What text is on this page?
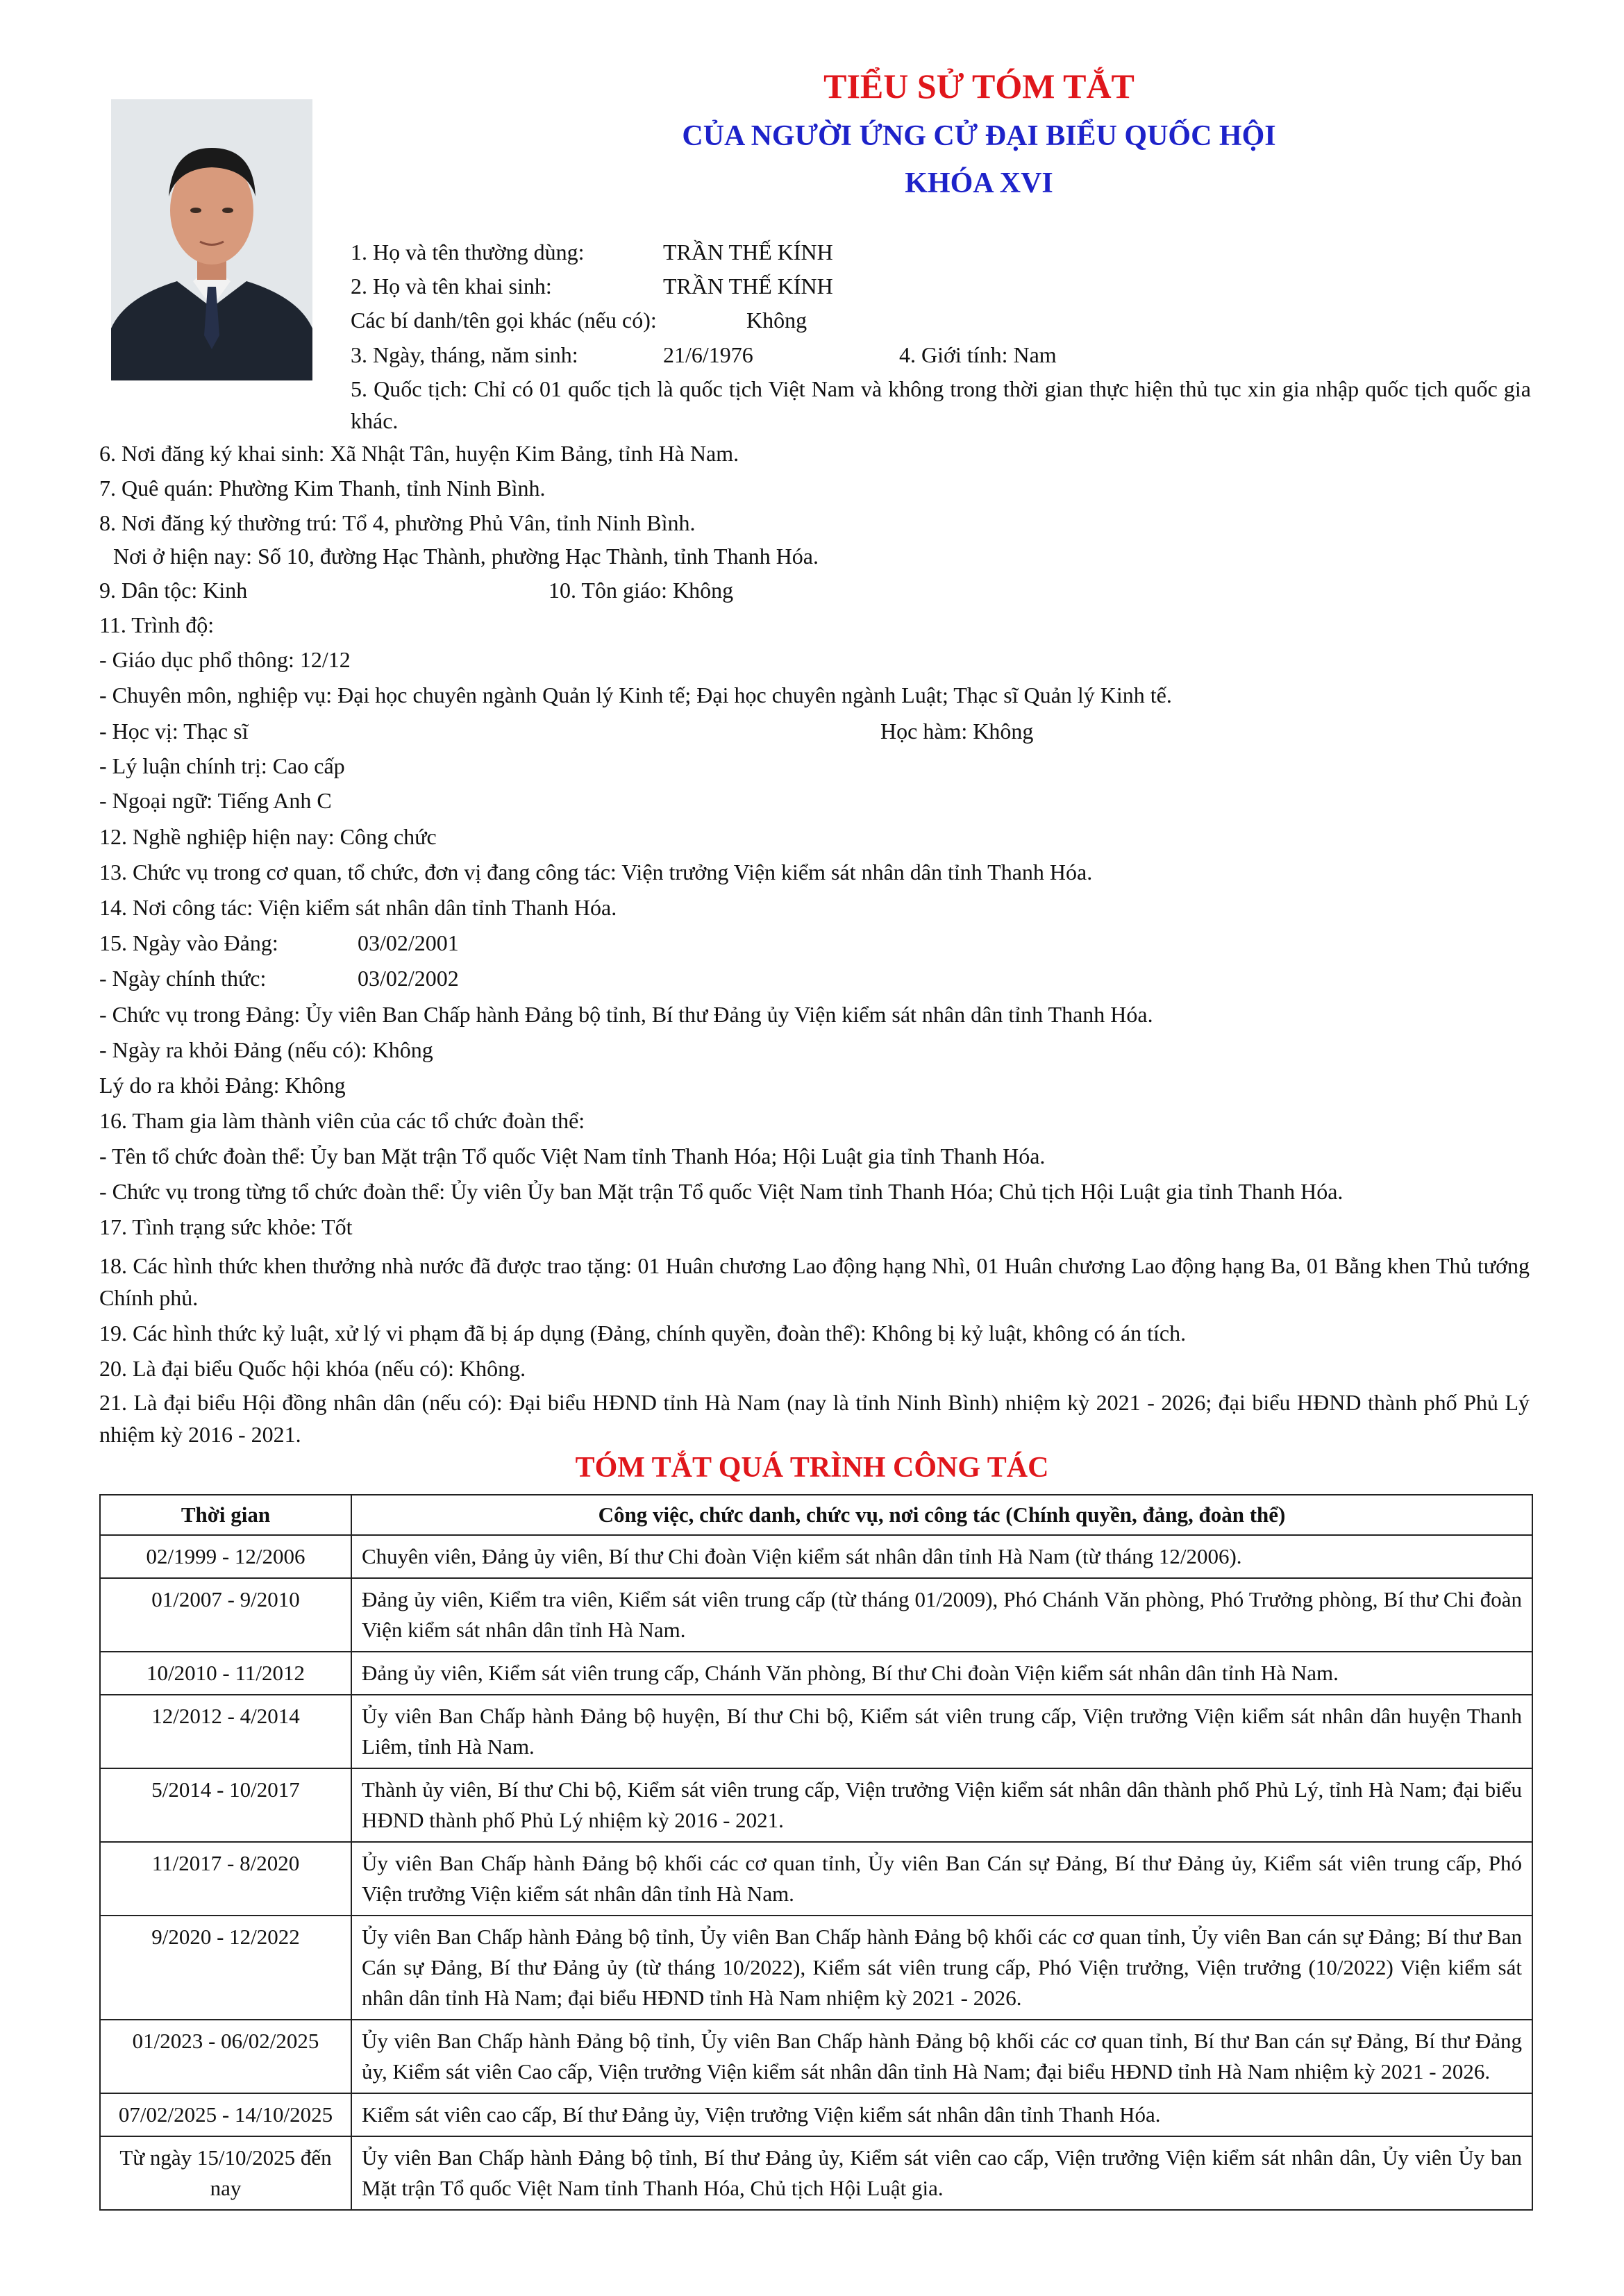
TIỂU SỬ TÓM TẮT
CỦA NGƯỜI ỨNG CỬ ĐẠI BIỂU QUỐC HỘI
KHÓA XVI
1. Họ và tên thường dùng:	TRẦN THẾ KÍNH
2. Họ và tên khai sinh:	TRẦN THẾ KÍNH
Các bí danh/tên gọi khác (nếu có):	Không
3. Ngày, tháng, năm sinh:	21/6/1976	4. Giới tính: Nam
5. Quốc tịch: Chỉ có 01 quốc tịch là quốc tịch Việt Nam và không trong thời gian thực hiện thủ tục xin gia nhập quốc tịch quốc gia khác.
6. Nơi đăng ký khai sinh: Xã Nhật Tân, huyện Kim Bảng, tỉnh Hà Nam.
7. Quê quán: Phường Kim Thanh, tỉnh Ninh Bình.
8. Nơi đăng ký thường trú: Tổ 4, phường Phủ Vân, tỉnh Ninh Bình.
Nơi ở hiện nay: Số 10, đường Hạc Thành, phường Hạc Thành, tỉnh Thanh Hóa.
9. Dân tộc: Kinh	10. Tôn giáo: Không
11. Trình độ:
- Giáo dục phổ thông: 12/12
- Chuyên môn, nghiệp vụ: Đại học chuyên ngành Quản lý Kinh tế; Đại học chuyên ngành Luật; Thạc sĩ Quản lý Kinh tế.
- Học vị: Thạc sĩ	Học hàm: Không
- Lý luận chính trị: Cao cấp
- Ngoại ngữ: Tiếng Anh C
12. Nghề nghiệp hiện nay: Công chức
13. Chức vụ trong cơ quan, tổ chức, đơn vị đang công tác: Viện trưởng Viện kiểm sát nhân dân tỉnh Thanh Hóa.
14. Nơi công tác: Viện kiểm sát nhân dân tỉnh Thanh Hóa.
15. Ngày vào Đảng:	03/02/2001
- Ngày chính thức:	03/02/2002
- Chức vụ trong Đảng: Ủy viên Ban Chấp hành Đảng bộ tỉnh, Bí thư Đảng ủy Viện kiểm sát nhân dân tỉnh Thanh Hóa.
- Ngày ra khỏi Đảng (nếu có): Không
Lý do ra khỏi Đảng: Không
16. Tham gia làm thành viên của các tổ chức đoàn thể:
- Tên tổ chức đoàn thể: Ủy ban Mặt trận Tổ quốc Việt Nam tỉnh Thanh Hóa; Hội Luật gia tỉnh Thanh Hóa.
- Chức vụ trong từng tổ chức đoàn thể: Ủy viên Ủy ban Mặt trận Tổ quốc Việt Nam tỉnh Thanh Hóa; Chủ tịch Hội Luật gia tỉnh Thanh Hóa.
17. Tình trạng sức khỏe: Tốt
18. Các hình thức khen thưởng nhà nước đã được trao tặng: 01 Huân chương Lao động hạng Nhì, 01 Huân chương Lao động hạng Ba, 01 Bằng khen Thủ tướng Chính phủ.
19. Các hình thức kỷ luật, xử lý vi phạm đã bị áp dụng (Đảng, chính quyền, đoàn thể): Không bị kỷ luật, không có án tích.
20. Là đại biểu Quốc hội khóa (nếu có): Không.
21. Là đại biểu Hội đồng nhân dân (nếu có): Đại biểu HĐND tỉnh Hà Nam (nay là tỉnh Ninh Bình) nhiệm kỳ 2021 - 2026; đại biểu HĐND thành phố Phủ Lý nhiệm kỳ 2016 - 2021.
TÓM TẮT QUÁ TRÌNH CÔNG TÁC
Thời gian	Công việc, chức danh, chức vụ, nơi công tác (Chính quyền, đảng, đoàn thể)
02/1999 - 12/2006	Chuyên viên, Đảng ủy viên, Bí thư Chi đoàn Viện kiểm sát nhân dân tỉnh Hà Nam (từ tháng 12/2006).
01/2007 - 9/2010	Đảng ủy viên, Kiểm tra viên, Kiểm sát viên trung cấp (từ tháng 01/2009), Phó Chánh Văn phòng, Phó Trưởng phòng, Bí thư Chi đoàn Viện kiểm sát nhân dân tỉnh Hà Nam.
10/2010 - 11/2012	Đảng ủy viên, Kiểm sát viên trung cấp, Chánh Văn phòng, Bí thư Chi đoàn Viện kiểm sát nhân dân tỉnh Hà Nam.
12/2012 - 4/2014	Ủy viên Ban Chấp hành Đảng bộ huyện, Bí thư Chi bộ, Kiểm sát viên trung cấp, Viện trưởng Viện kiểm sát nhân dân huyện Thanh Liêm, tỉnh Hà Nam.
5/2014 - 10/2017	Thành ủy viên, Bí thư Chi bộ, Kiểm sát viên trung cấp, Viện trưởng Viện kiểm sát nhân dân thành phố Phủ Lý, tỉnh Hà Nam; đại biểu HĐND thành phố Phủ Lý nhiệm kỳ 2016 - 2021.
11/2017 - 8/2020	Ủy viên Ban Chấp hành Đảng bộ khối các cơ quan tỉnh, Ủy viên Ban Cán sự Đảng, Bí thư Đảng ủy, Kiểm sát viên trung cấp, Phó Viện trưởng Viện kiểm sát nhân dân tỉnh Hà Nam.
9/2020 - 12/2022	Ủy viên Ban Chấp hành Đảng bộ tỉnh, Ủy viên Ban Chấp hành Đảng bộ khối các cơ quan tỉnh, Ủy viên Ban cán sự Đảng; Bí thư Ban Cán sự Đảng, Bí thư Đảng ủy (từ tháng 10/2022), Kiểm sát viên trung cấp, Phó Viện trưởng, Viện trưởng (10/2022) Viện kiểm sát nhân dân tỉnh Hà Nam; đại biểu HĐND tỉnh Hà Nam nhiệm kỳ 2021 - 2026.
01/2023 - 06/02/2025	Ủy viên Ban Chấp hành Đảng bộ tỉnh, Ủy viên Ban Chấp hành Đảng bộ khối các cơ quan tỉnh, Bí thư Ban cán sự Đảng, Bí thư Đảng ủy, Kiểm sát viên Cao cấp, Viện trưởng Viện kiểm sát nhân dân tỉnh Hà Nam; đại biểu HĐND tỉnh Hà Nam nhiệm kỳ 2021 - 2026.
07/02/2025 - 14/10/2025	Kiểm sát viên cao cấp, Bí thư Đảng ủy, Viện trưởng Viện kiểm sát nhân dân tỉnh Thanh Hóa.
Từ ngày 15/10/2025 đến nay	Ủy viên Ban Chấp hành Đảng bộ tỉnh, Bí thư Đảng ủy, Kiểm sát viên cao cấp, Viện trưởng Viện kiểm sát nhân dân, Ủy viên Ủy ban Mặt trận Tổ quốc Việt Nam tỉnh Thanh Hóa, Chủ tịch Hội Luật gia.
